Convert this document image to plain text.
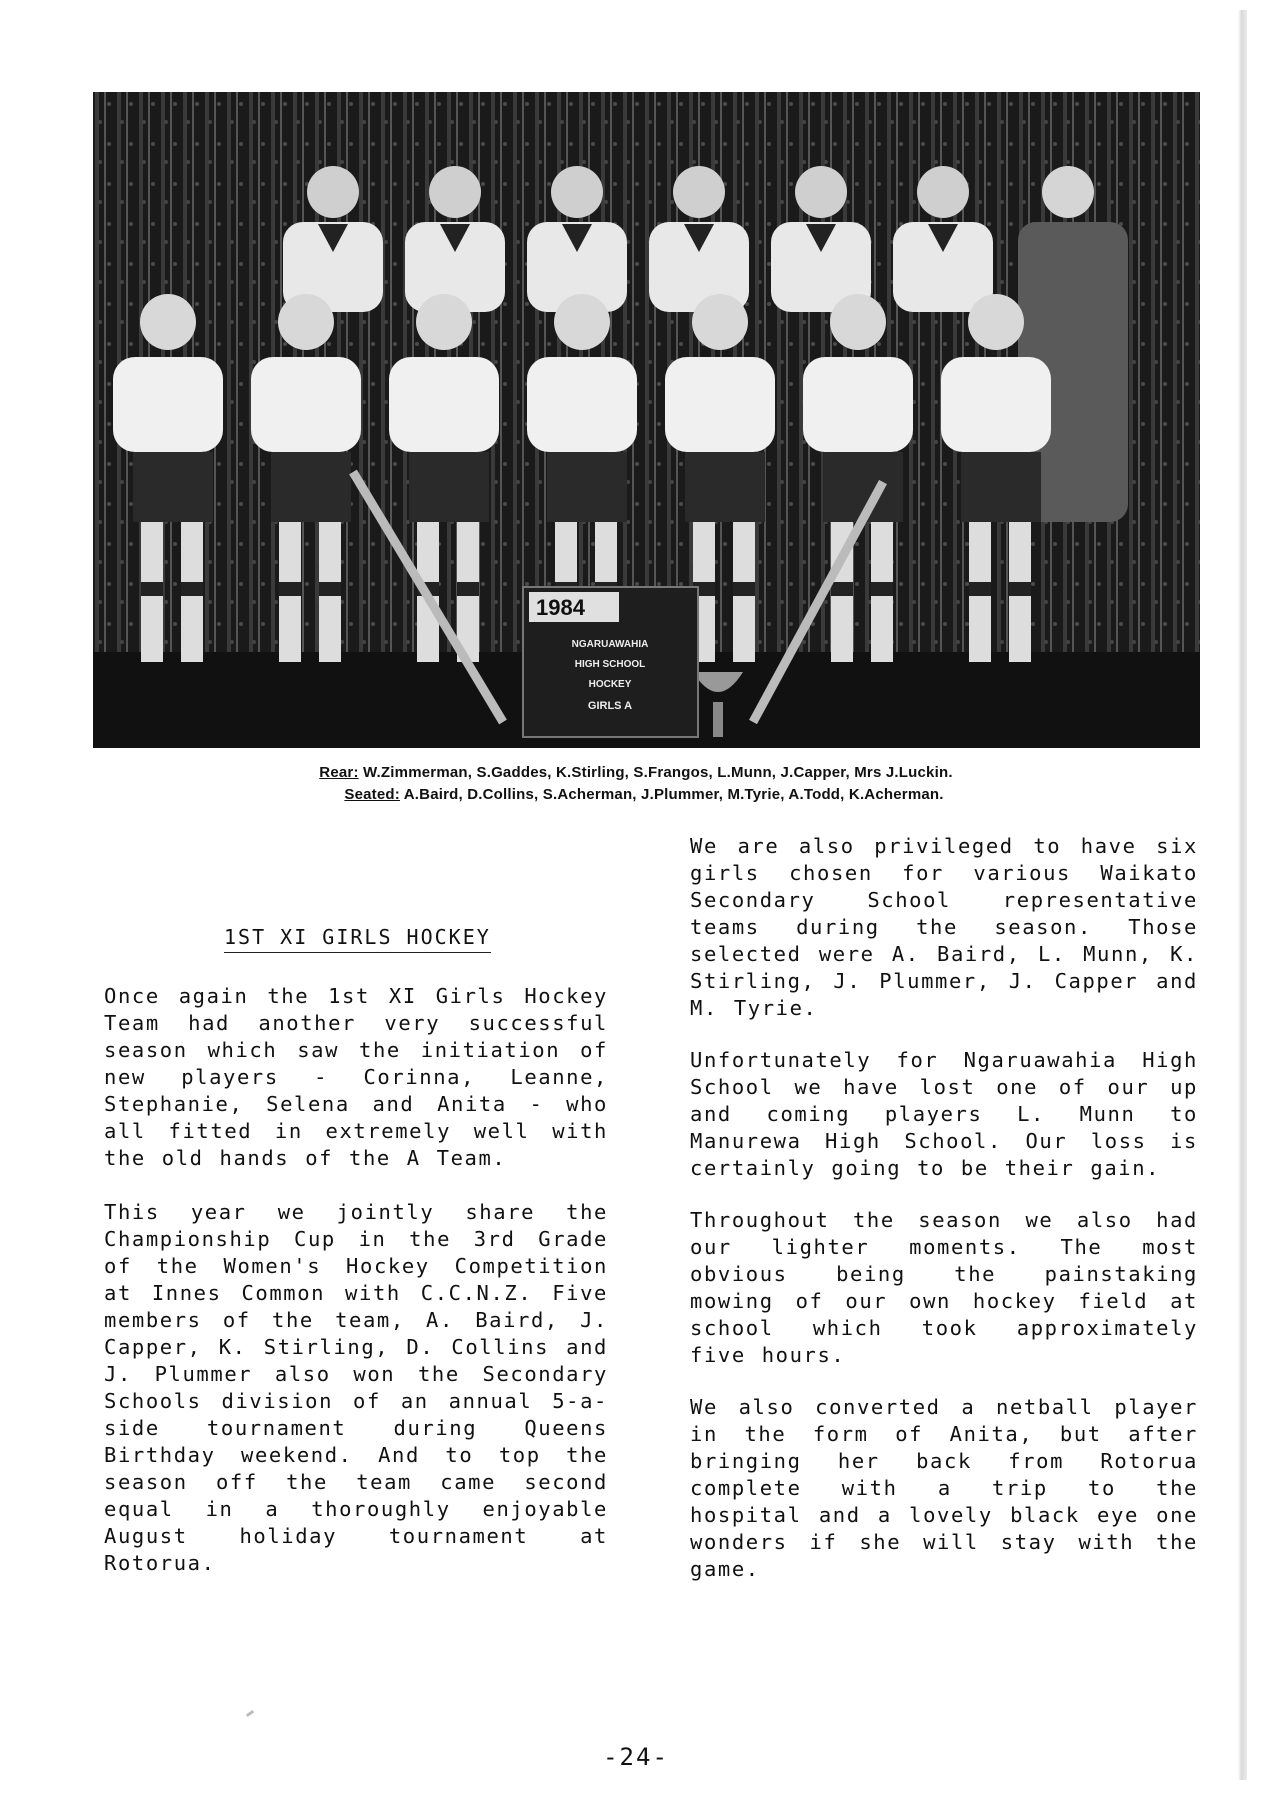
1984
NGARUAWAHIA
HIGH SCHOOL
HOCKEY
GIRLS A
Rear: W.Zimmerman, S.Gaddes, K.Stirling, S.Frangos, L.Munn, J.Capper, Mrs J.Luckin.
Seated: A.Baird, D.Collins, S.Acherman, J.Plummer, M.Tyrie, A.Todd, K.Acherman.
1ST XI GIRLS HOCKEY

Once again the 1st XI Girls Hockey Team had another very successful season which saw the initiation of new players - Corinna, Leanne, Stephanie, Selena and Anita - who all fitted in extremely well with the old hands of the A Team.

This year we jointly share the Championship Cup in the 3rd Grade of the Women's Hockey Competition at Innes Common with C.C.N.Z. Five members of the team, A. Baird, J. Capper, K. Stirling, D. Collins and J. Plummer also won the Secondary Schools division of an annual 5-a-side tournament during Queens Birthday weekend. And to top the season off the team came second equal in a thoroughly enjoyable August holiday tournament at Rotorua.

We are also privileged to have six girls chosen for various Waikato Secondary School representative teams during the season. Those selected were A. Baird, L. Munn, K. Stirling, J. Plummer, J. Capper and M. Tyrie.

Unfortunately for Ngaruawahia High School we have lost one of our up and coming players L. Munn to Manurewa High School. Our loss is certainly going to be their gain.

Throughout the season we also had our lighter moments. The most obvious being the painstaking mowing of our own hockey field at school which took approximately five hours.

We also converted a netball player in the form of Anita, but after bringing her back from Rotorua complete with a trip to the hospital and a lovely black eye one wonders if she will stay with the game.

-24-
